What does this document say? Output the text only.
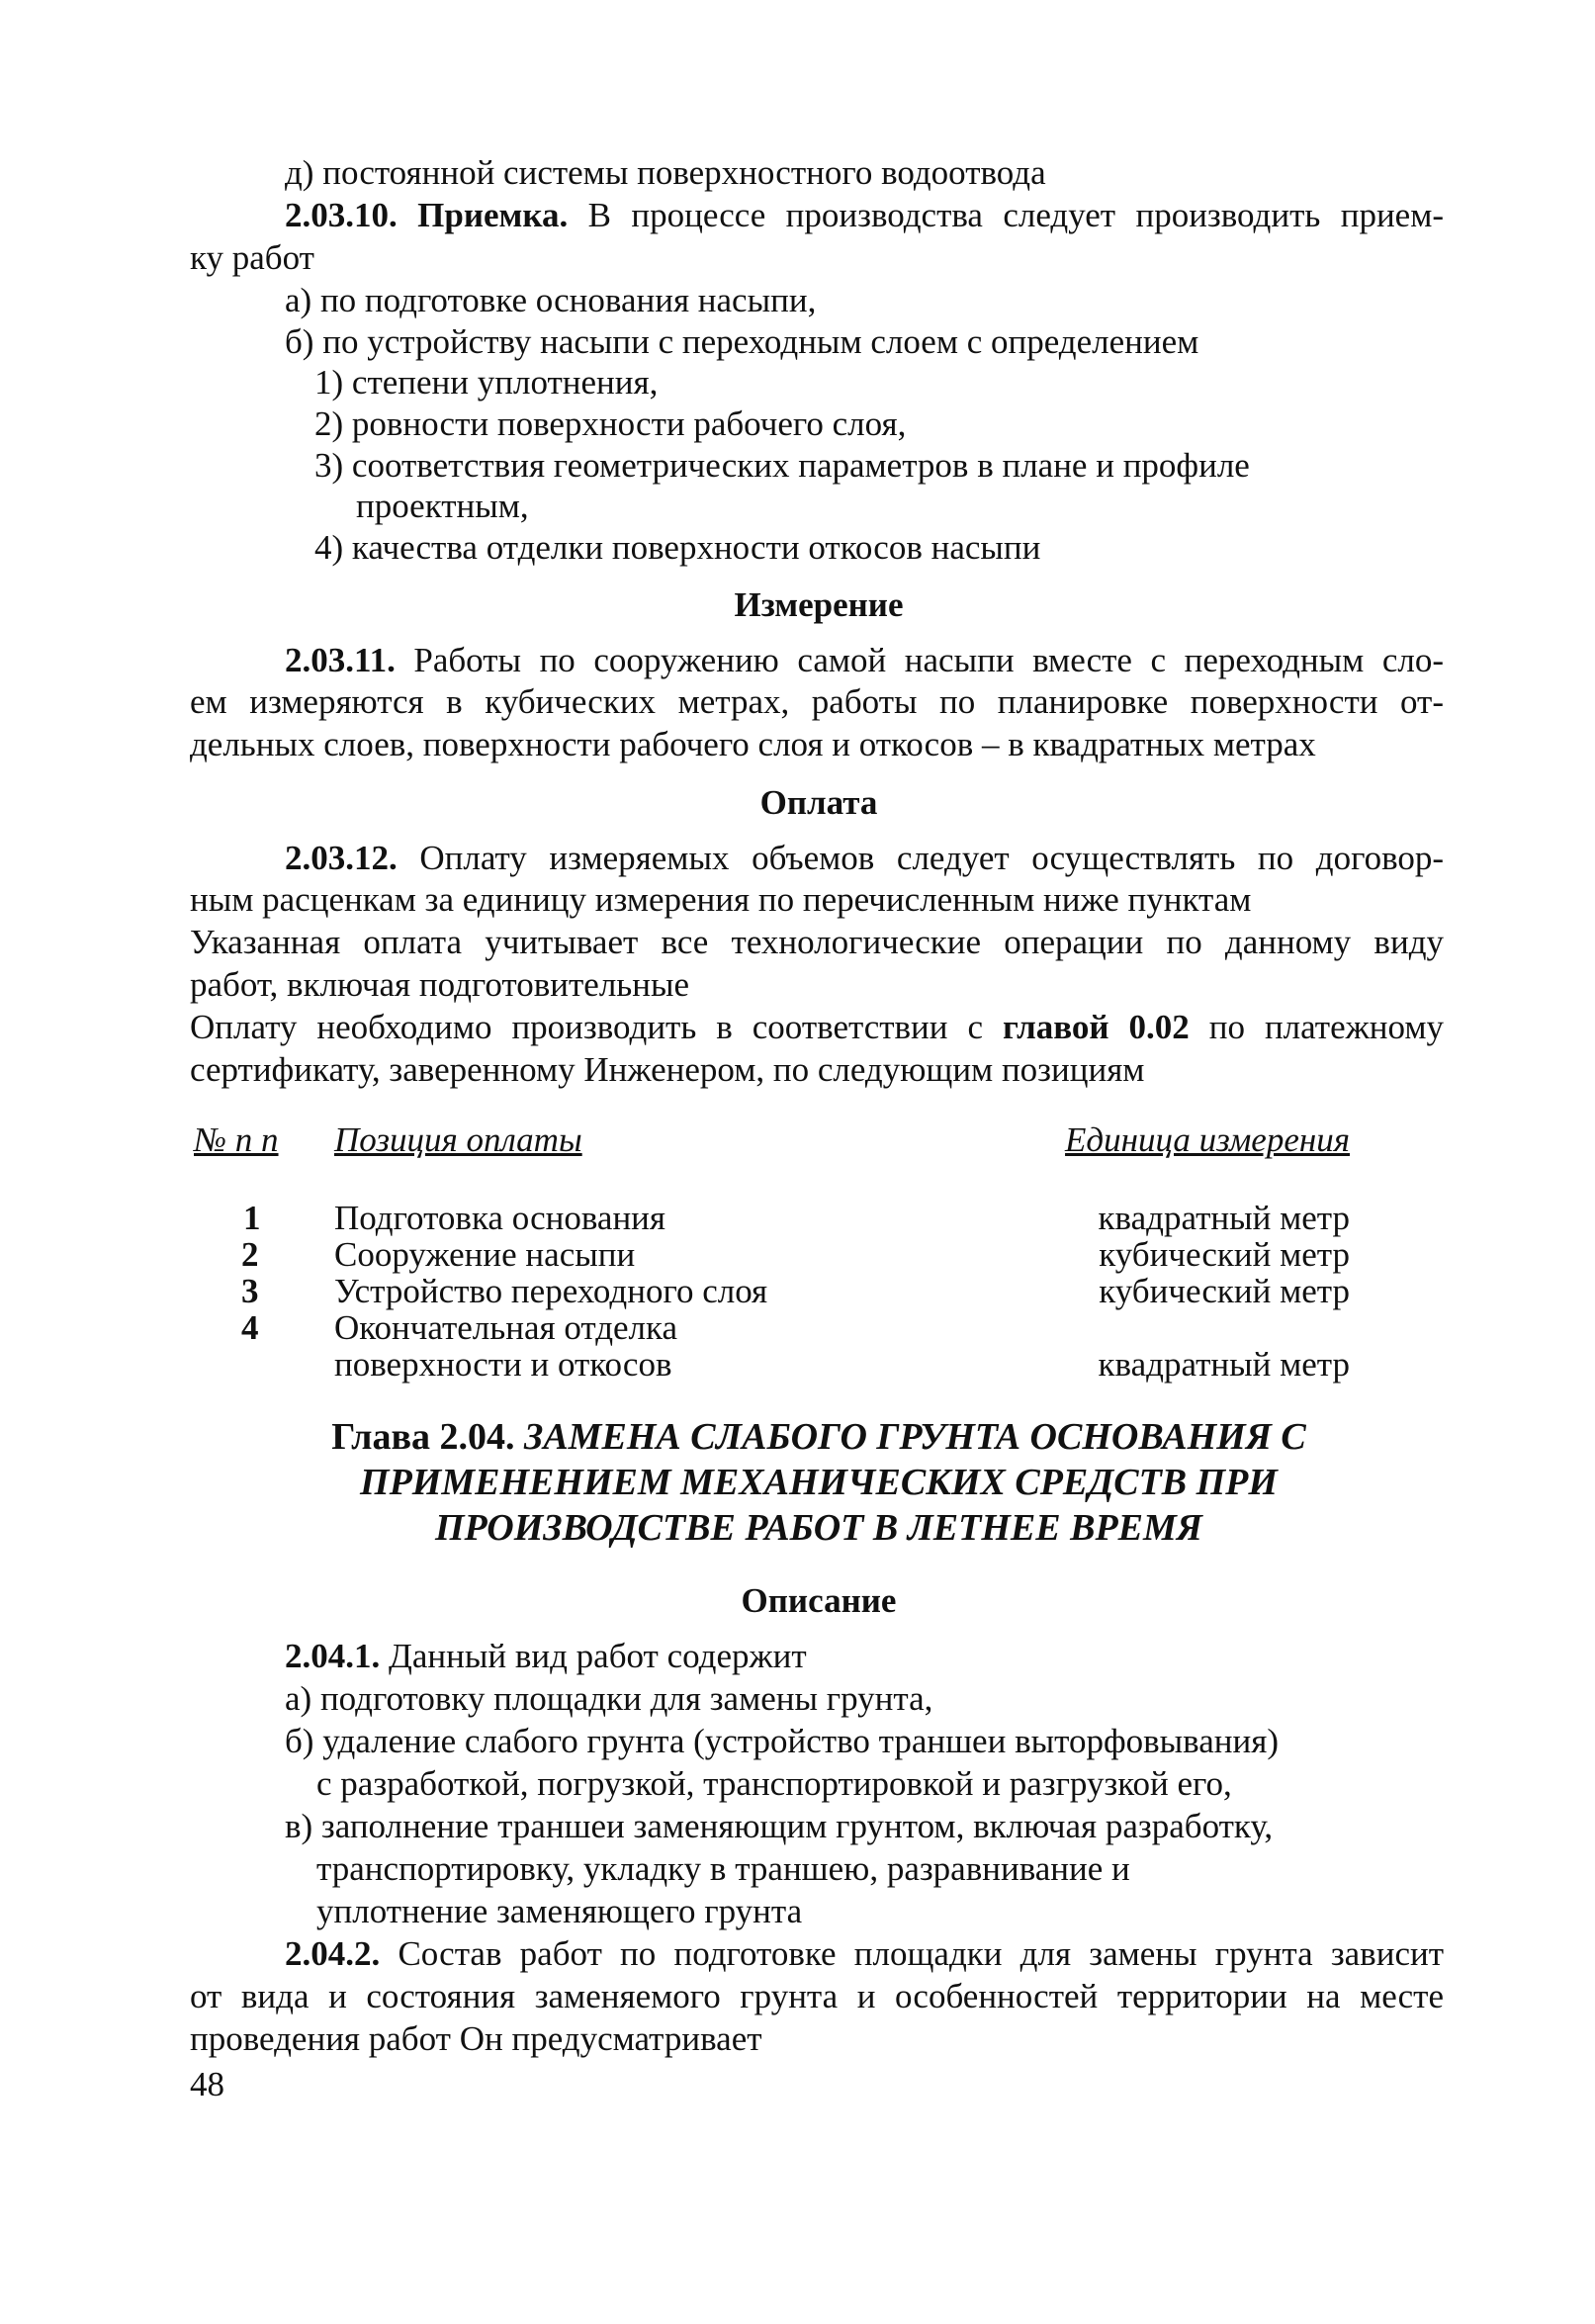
д) постоянной системы поверхностного водоотвода
2.03.10. Приемка. В процессе производства следует производить прием-
ку работ
а) по подготовке основания насыпи,
б) по устройству насыпи с переходным слоем с определением
1) степени уплотнения,
2) ровности поверхности рабочего слоя,
3) соответствия геометрических параметров в плане и профиле
проектным,
4) качества отделки поверхности откосов насыпи
Измерение
2.03.11. Работы по сооружению самой насыпи вместе с переходным сло-
ем измеряются в кубических метрах, работы по планировке поверхности от-
дельных слоев, поверхности рабочего слоя и откосов – в квадратных метрах
Оплата
2.03.12. Оплату измеряемых объемов следует осуществлять по договор-
ным расценкам за единицу измерения по перечисленным ниже пунктам
Указанная оплата учитывает все технологические операции по данному виду
работ, включая подготовительные
Оплату необходимо производить в соответствии с главой 0.02 по платежному
сертификату, заверенному Инженером, по следующим позициям
№ п п Позиция оплаты	Единица измерения
1 Подготовка основания	квадратный метр
2 Сооружение насыпи	кубический метр
3 Устройство переходного слоя	кубический метр
4 Окончательная отделка
поверхности и откосов	квадратный метр
Глава 2.04. ЗАМЕНА СЛАБОГО ГРУНТА ОСНОВАНИЯ С
ПРИМЕНЕНИЕМ МЕХАНИЧЕСКИХ СРЕДСТВ ПРИ
ПРОИЗВОДСТВЕ РАБОТ В ЛЕТНЕЕ ВРЕМЯ
Описание
2.04.1. Данный вид работ содержит
а) подготовку площадки для замены грунта,
б) удаление слабого грунта (устройство траншеи выторфовывания)
с разработкой, погрузкой, транспортировкой и разгрузкой его,
в) заполнение траншеи заменяющим грунтом, включая разработку,
транспортировку, укладку в траншею, разравнивание и
уплотнение заменяющего грунта
2.04.2. Состав работ по подготовке площадки для замены грунта зависит
от вида и состояния заменяемого грунта и особенностей территории на месте
проведения работ Он предусматривает
48
